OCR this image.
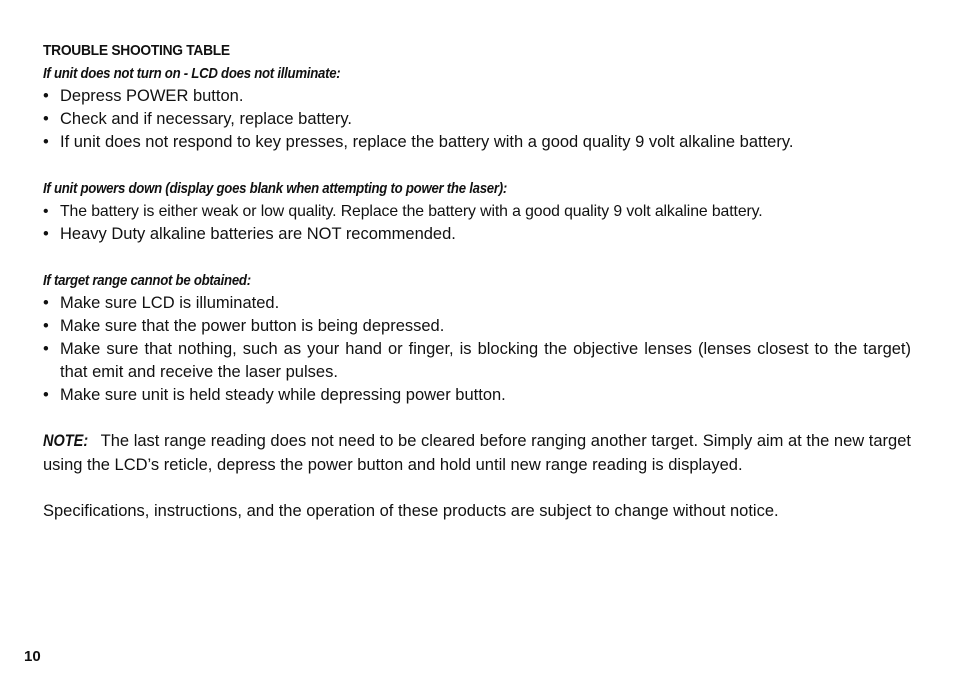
TROUBLE SHOOTING TABLE

If unit does not turn on - LCD does not illuminate:

• Depress POWER button.
• Check and if necessary, replace battery.
• If unit does not respond to key presses, replace the battery with a good quality 9 volt alkaline battery.

If unit powers down (display goes blank when attempting to power the laser):

• The battery is either weak or low quality. Replace the battery with a good quality 9 volt alkaline battery.
• Heavy Duty alkaline batteries are NOT recommended.

If target range cannot be obtained:

• Make sure LCD is illuminated.
• Make sure that the power button is being depressed.
• Make sure that nothing, such as your hand or finger, is blocking the objective lenses (lenses closest to the target) that emit and receive the laser pulses.
• Make sure unit is held steady while depressing power button.

NOTE: The last range reading does not need to be cleared before ranging another target. Simply aim at the new target using the LCD’s reticle, depress the power button and hold until new range reading is displayed.

Specifications, instructions, and the operation of these products are subject to change without notice.

10
